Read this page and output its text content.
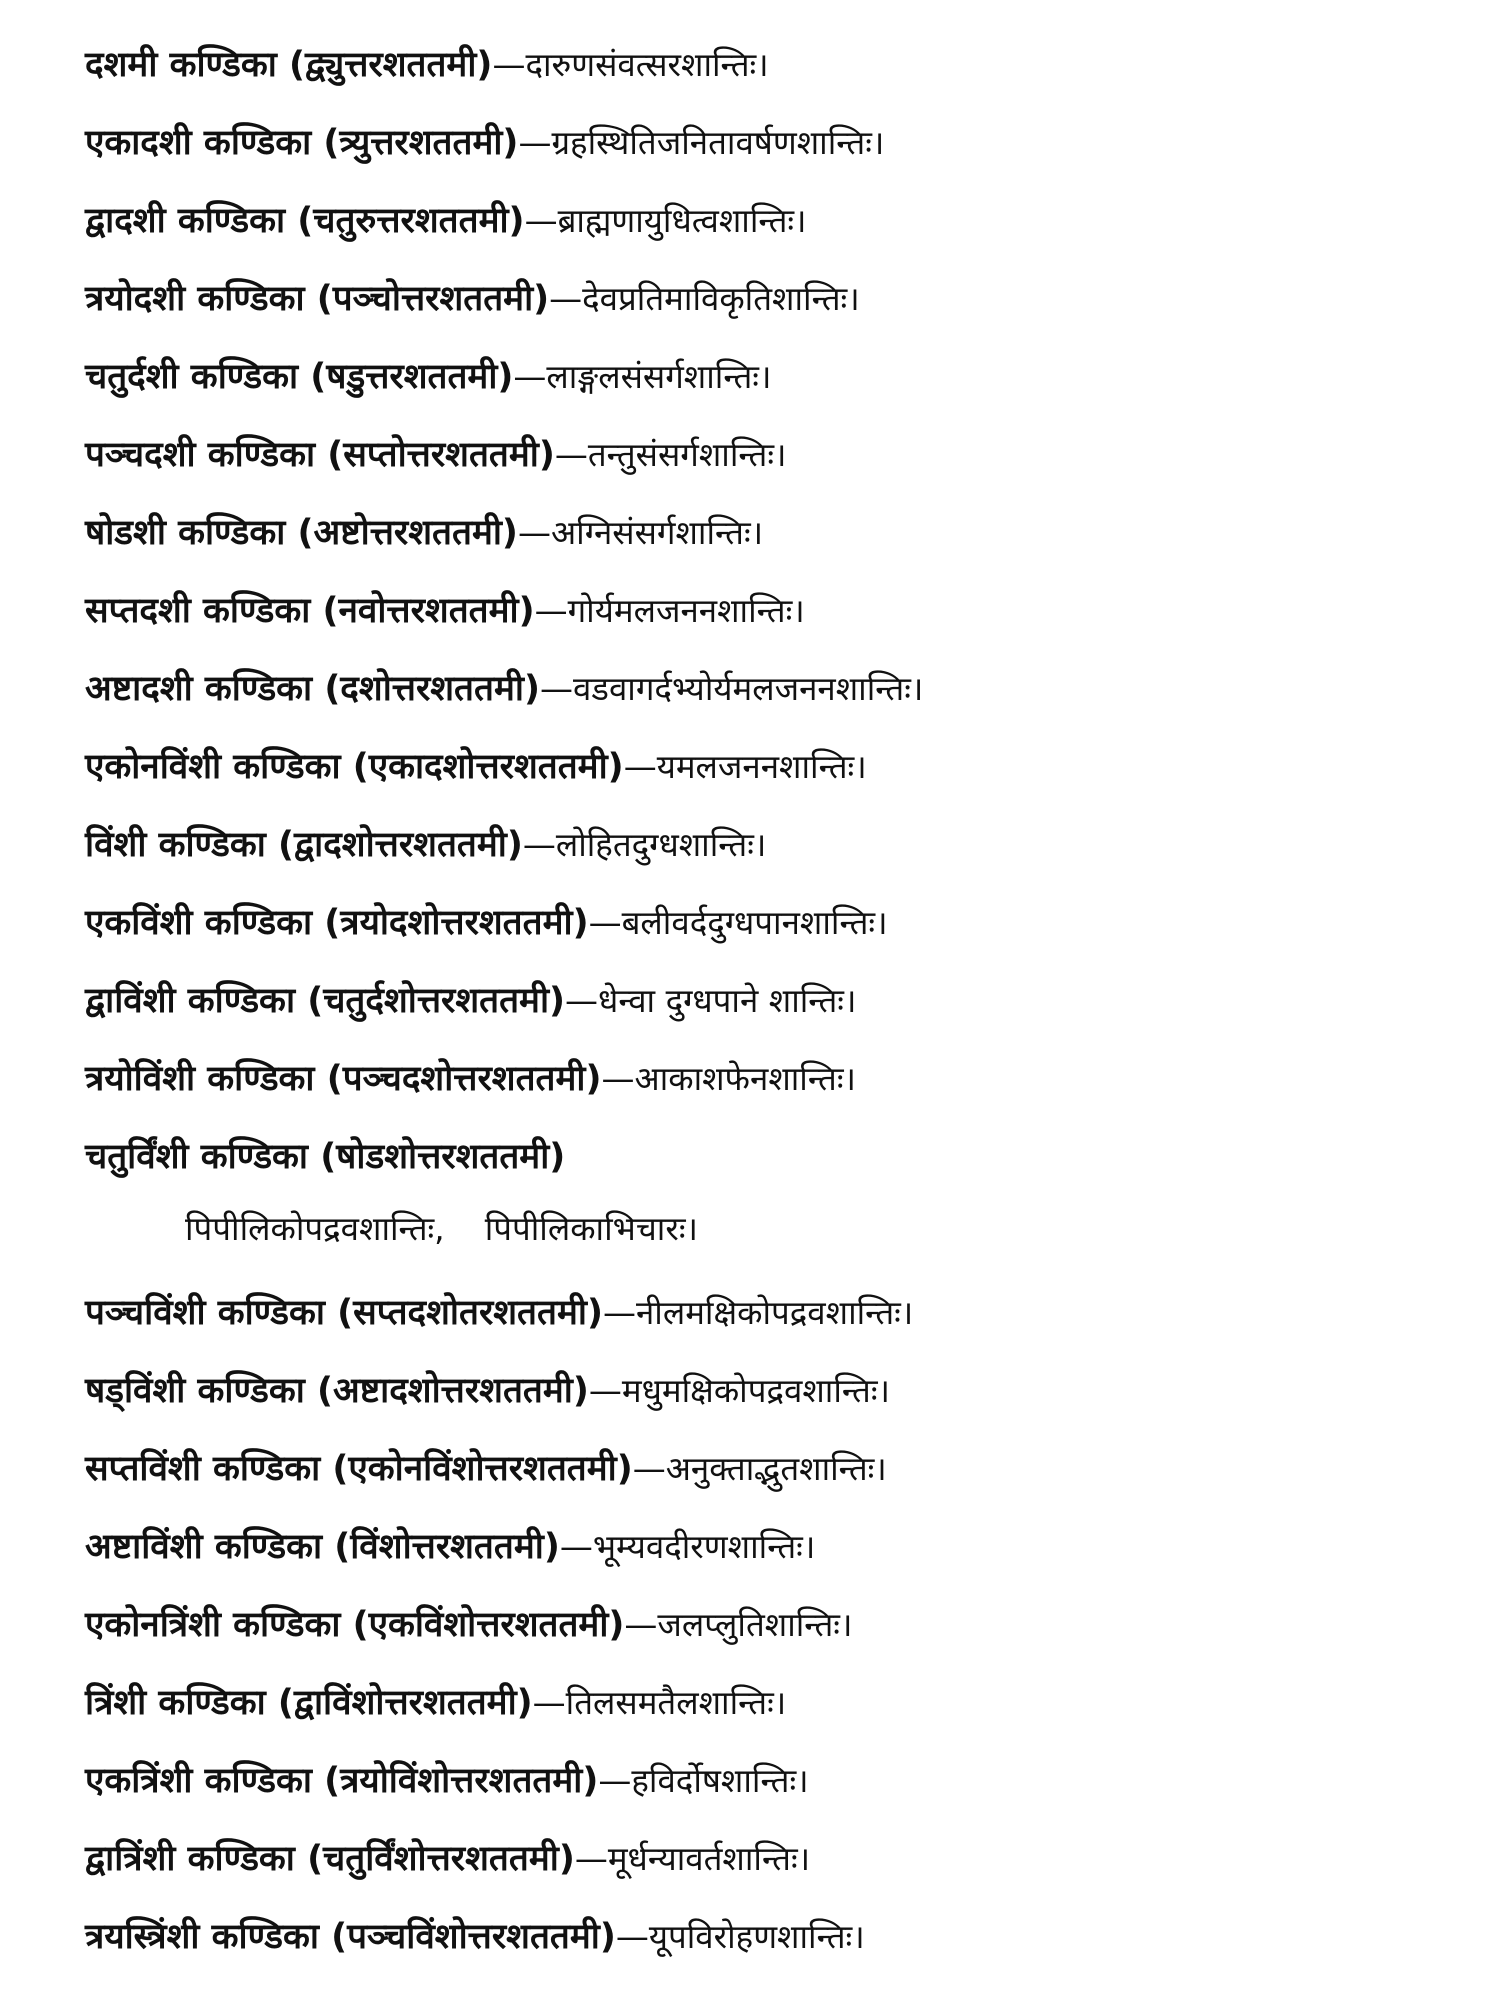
दशमी कण्डिका (द्व्युत्तरशततमी)—दारुणसंवत्सरशान्तिः।
एकादशी कण्डिका (त्र्युत्तरशततमी)—ग्रहस्थितिजनितावर्षणशान्तिः।
द्वादशी कण्डिका (चतुरुत्तरशततमी)—ब्राह्मणायुधित्वशान्तिः।
त्रयोदशी कण्डिका (पञ्चोत्तरशततमी)—देवप्रतिमाविकृतिशान्तिः।
चतुर्दशी कण्डिका (षडुत्तरशततमी)—लाङ्गलसंसर्गशान्तिः।
पञ्चदशी कण्डिका (सप्तोत्तरशततमी)—तन्तुसंसर्गशान्तिः।
षोडशी कण्डिका (अष्टोत्तरशततमी)—अग्निसंसर्गशान्तिः।
सप्तदशी कण्डिका (नवोत्तरशततमी)—गोर्यमलजननशान्तिः।
अष्टादशी कण्डिका (दशोत्तरशततमी)—वडवागर्दभ्योर्यमलजननशान्तिः।
एकोनविंशी कण्डिका (एकादशोत्तरशततमी)—यमलजननशान्तिः।
विंशी कण्डिका (द्वादशोत्तरशततमी)—लोहितदुग्धशान्तिः।
एकविंशी कण्डिका (त्रयोदशोत्तरशततमी)—बलीवर्ददुग्धपानशान्तिः।
द्वाविंशी कण्डिका (चतुर्दशोत्तरशततमी)—धेन्वा दुग्धपाने शान्तिः।
त्रयोविंशी कण्डिका (पञ्चदशोत्तरशततमी)—आकाशफेनशान्तिः।
चतुर्विंशी कण्डिका (षोडशोत्तरशततमी)
पिपीलिकोपद्रवशान्तिः, पिपीलिकाभिचारः।
पञ्चविंशी कण्डिका (सप्तदशोतरशततमी)—नीलमक्षिकोपद्रवशान्तिः।
षड्विंशी कण्डिका (अष्टादशोत्तरशततमी)—मधुमक्षिकोपद्रवशान्तिः।
सप्तविंशी कण्डिका (एकोनविंशोत्तरशततमी)—अनुक्ताद्भुतशान्तिः।
अष्टाविंशी कण्डिका (विंशोत्तरशततमी)—भूम्यवदीरणशान्तिः।
एकोनत्रिंशी कण्डिका (एकविंशोत्तरशततमी)—जलप्लुतिशान्तिः।
त्रिंशी कण्डिका (द्वाविंशोत्तरशततमी)—तिलसमतैलशान्तिः।
एकत्रिंशी कण्डिका (त्रयोविंशोत्तरशततमी)—हविर्दोषशान्तिः।
द्वात्रिंशी कण्डिका (चतुर्विंशोत्तरशततमी)—मूर्धन्यावर्तशान्तिः।
त्रयस्त्रिंशी कण्डिका (पञ्चविंशोत्तरशततमी)—यूपविरोहणशान्तिः।
